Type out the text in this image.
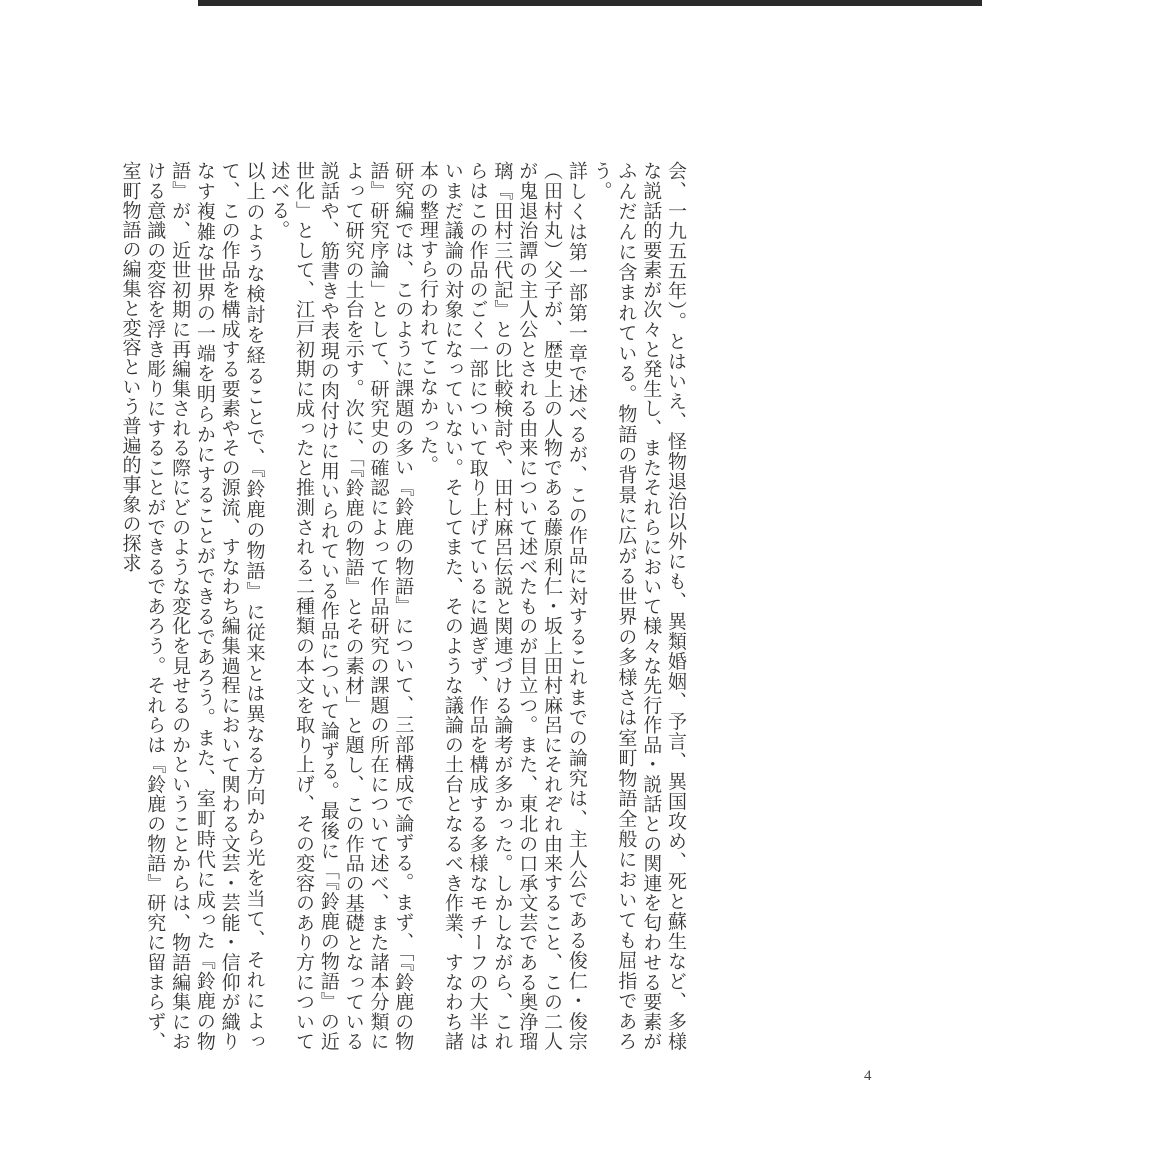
会、一九五五年）。とはいえ、怪物退治以外にも、異類婚姻、予言、異国攻め、死と蘇生など、多様な説話的要素が次々と発生し、またそれらにおいて様々な先行作品・説話との関連を匂わせる要素がふんだんに含まれている。物語の背景に広がる世界の多様さは室町物語全般においても屈指であろう。

詳しくは第一部第一章で述べるが、この作品に対するこれまでの論究は、主人公である俊仁・俊宗（田村丸）父子が、歴史上の人物である藤原利仁・坂上田村麻呂にそれぞれ由来すること、この二人が鬼退治譚の主人公とされる由来について述べたものが目立つ。また、東北の口承文芸である奥浄瑠璃『田村三代記』との比較検討や、田村麻呂伝説と関連づける論考が多かった。しかしながら、これらはこの作品のごく一部について取り上げているに過ぎず、作品を構成する多様なモチーフの大半はいまだ議論の対象になっていない。そしてまた、そのような議論の土台となるべき作業、すなわち諸本の整理すら行われてこなかった。

研究編では、このように課題の多い『鈴鹿の物語』について、三部構成で論ずる。まず、「『鈴鹿の物語』研究序論」として、研究史の確認によって作品研究の課題の所在について述べ、また諸本分類によって研究の土台を示す。次に、「『鈴鹿の物語』とその素材」と題し、この作品の基礎となっている説話や、筋書きや表現の肉付けに用いられている作品について論ずる。最後に「『鈴鹿の物語』の近世化」として、江戸初期に成ったと推測される二種類の本文を取り上げ、その変容のあり方について述べる。

以上のような検討を経ることで、『鈴鹿の物語』に従来とは異なる方向から光を当て、それによって、この作品を構成する要素やその源流、すなわち編集過程において関わる文芸・芸能・信仰が織りなす複雑な世界の一端を明らかにすることができるであろう。また、室町時代に成った『鈴鹿の物語』が、近世初期に再編集される際にどのような変化を見せるのかということからは、物語編集における意識の変容を浮き彫りにすることができるであろう。それらは『鈴鹿の物語』研究に留まらず、室町物語の編集と変容という普遍的事象の探求

4
